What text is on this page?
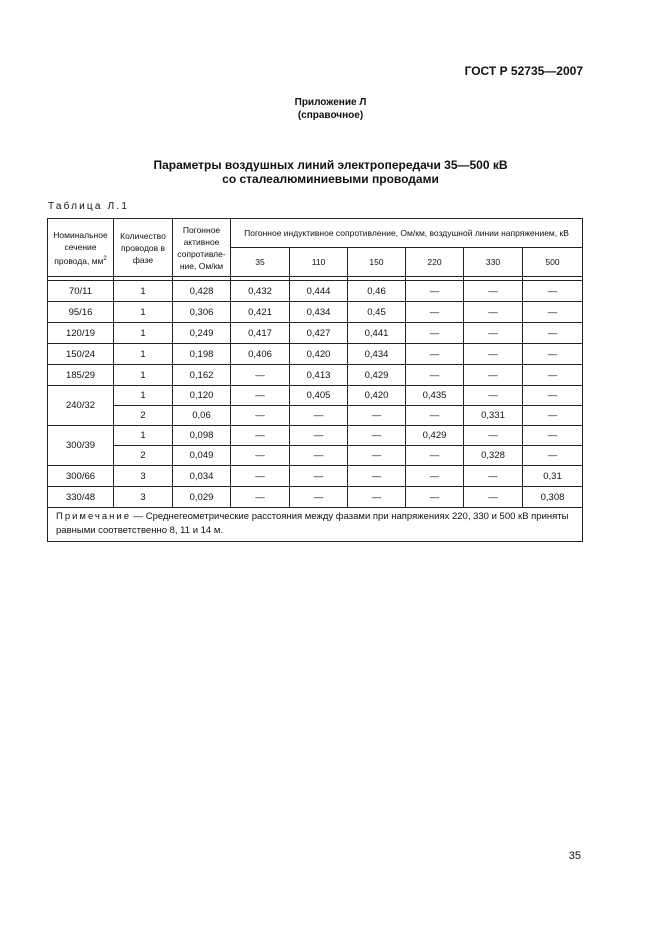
ГОСТ Р 52735—2007
Приложение Л
(справочное)
Параметры воздушных линий электропередачи 35—500 кВ
со сталеалюминиевыми проводами
Таблица Л.1
Номинальное сечение провода, $мм^2$	Количество проводов в фазе	Погонное активное сопротивле-ние, Ом/км	Погонное индуктивное сопротивление, Ом/км, воздушной линии напряжением, кВ					
			35	110	150	220	330	500

70/11	1	0,428	0,432	0,444	0,46	—	—	—
95/16	1	0,306	0,421	0,434	0,45	—	—	—
120/19	1	0,249	0,417	0,427	0,441	—	—	—
150/24	1	0,198	0,406	0,420	0,434	—	—	—
185/29	1	0,162	—	0,413	0,429	—	—	—
240/32	1	0,120	—	0,405	0,420	0,435	—	—
	2	0,06	—	—	—	—	0,331	—
300/39	1	0,098	—	—	—	0,429	—	—
	2	0,049	—	—	—	—	0,328	—
300/66	3	0,034	—	—	—	—	—	0,31
330/48	3	0,029	—	—	—	—	—	0,308
Примечание — Среднегеометрические расстояния между фазами при напряжениях 220, 330 и 500 кВ приняты равными соответственно 8, 11 и 14 м.								
35
